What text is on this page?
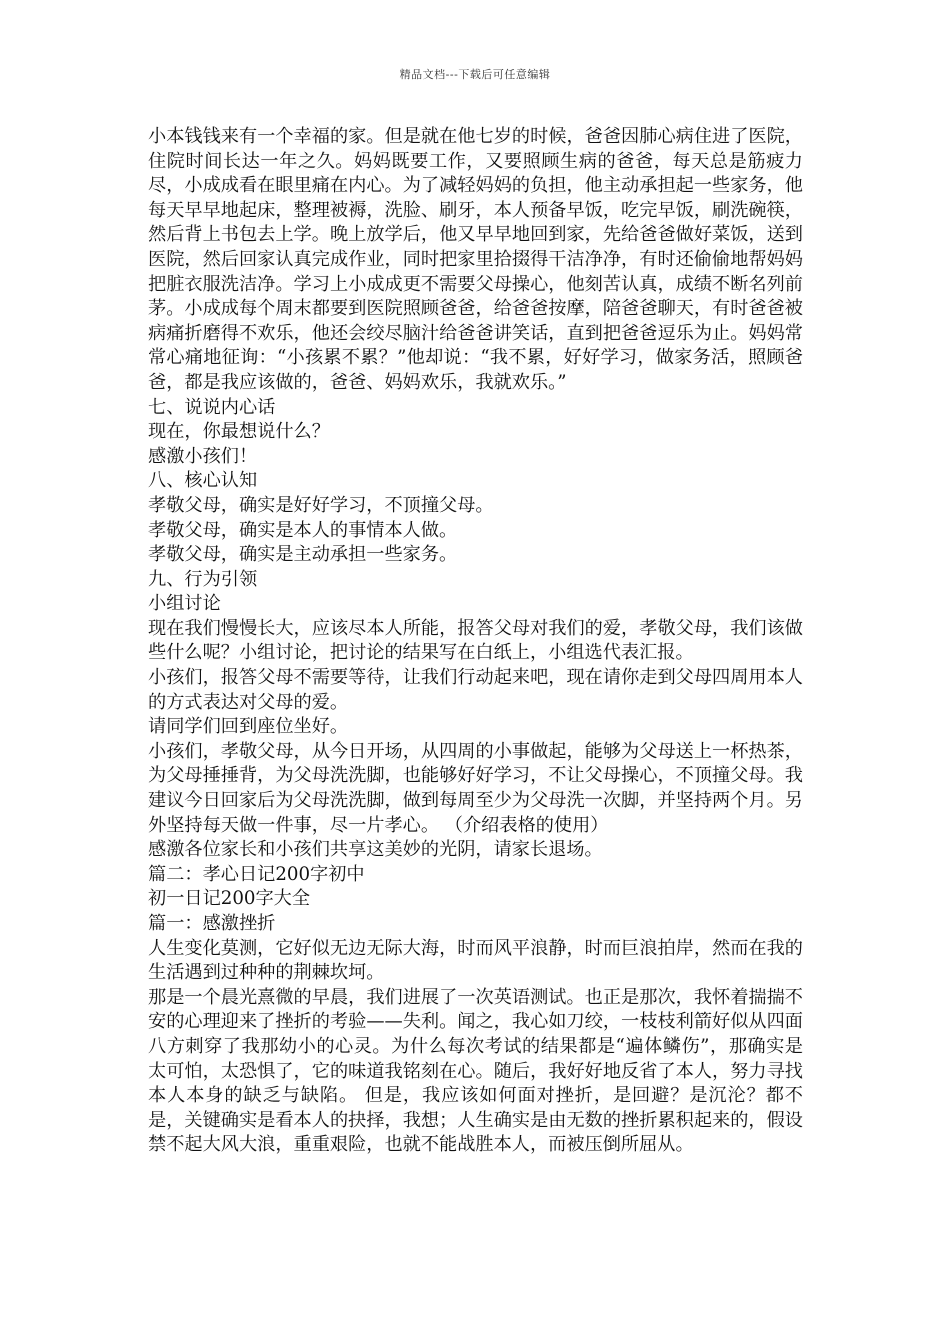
精品文档---下载后可任意编辑

小本钱钱来有一个幸福的家。但是就在他七岁的时候，爸爸因肺心病住进了医院，住院时间长达一年之久。妈妈既要工作，又要照顾生病的爸爸，每天总是筋疲力尽，小成成看在眼里痛在内心。为了减轻妈妈的负担，他主动承担起一些家务，他每天早早地起床，整理被褥，洗脸、刷牙，本人预备早饭，吃完早饭，刷洗碗筷，然后背上书包去上学。晚上放学后，他又早早地回到家，先给爸爸做好菜饭，送到医院，然后回家认真完成作业，同时把家里拾掇得干洁净净，有时还偷偷地帮妈妈把脏衣服洗洁净。学习上小成成更不需要父母操心，他刻苦认真，成绩不断名列前茅。小成成每个周末都要到医院照顾爸爸，给爸爸按摩，陪爸爸聊天，有时爸爸被病痛折磨得不欢乐，他还会绞尽脑汁给爸爸讲笑话，直到把爸爸逗乐为止。妈妈常常心痛地征询：“小孩累不累？”他却说：“我不累，好好学习，做家务活，照顾爸爸，都是我应该做的，爸爸、妈妈欢乐，我就欢乐。”

七、说说内心话

现在，你最想说什么？

感激小孩们！

八、核心认知

孝敬父母，确实是好好学习，不顶撞父母。

孝敬父母，确实是本人的事情本人做。

孝敬父母，确实是主动承担一些家务。

九、行为引领

小组讨论

现在我们慢慢长大，应该尽本人所能，报答父母对我们的爱，孝敬父母，我们该做些什么呢？小组讨论，把讨论的结果写在白纸上，小组选代表汇报。

小孩们，报答父母不需要等待，让我们行动起来吧，现在请你走到父母四周用本人的方式表达对父母的爱。

请同学们回到座位坐好。

小孩们，孝敬父母，从今日开场，从四周的小事做起，能够为父母送上一杯热茶，为父母捶捶背，为父母洗洗脚，也能够好好学习，不让父母操心，不顶撞父母。我建议今日回家后为父母洗洗脚，做到每周至少为父母洗一次脚，并坚持两个月。另外坚持每天做一件事，尽一片孝心。 （介绍表格的使用）

感激各位家长和小孩们共享这美妙的光阴，请家长退场。

篇二：孝心日记200字初中

初一日记200字大全

篇一：感激挫折

人生变化莫测，它好似无边无际大海，时而风平浪静，时而巨浪拍岸，然而在我的生活遇到过种种的荆棘坎坷。

那是一个晨光熹微的早晨，我们进展了一次英语测试。也正是那次，我怀着揣揣不安的心理迎来了挫折的考验——失利。闻之，我心如刀绞，一枝枝利箭好似从四面八方刺穿了我那幼小的心灵。为什么每次考试的结果都是“遍体鳞伤”，那确实是太可怕，太恐惧了，它的味道我铭刻在心。随后，我好好地反省了本人，努力寻找本人本身的缺乏与缺陷。 但是，我应该如何面对挫折，是回避？是沉沦？都不是，关键确实是看本人的抉择，我想；人生确实是由无数的挫折累积起来的，假设禁不起大风大浪，重重艰险，也就不能战胜本人，而被压倒所屈从。
